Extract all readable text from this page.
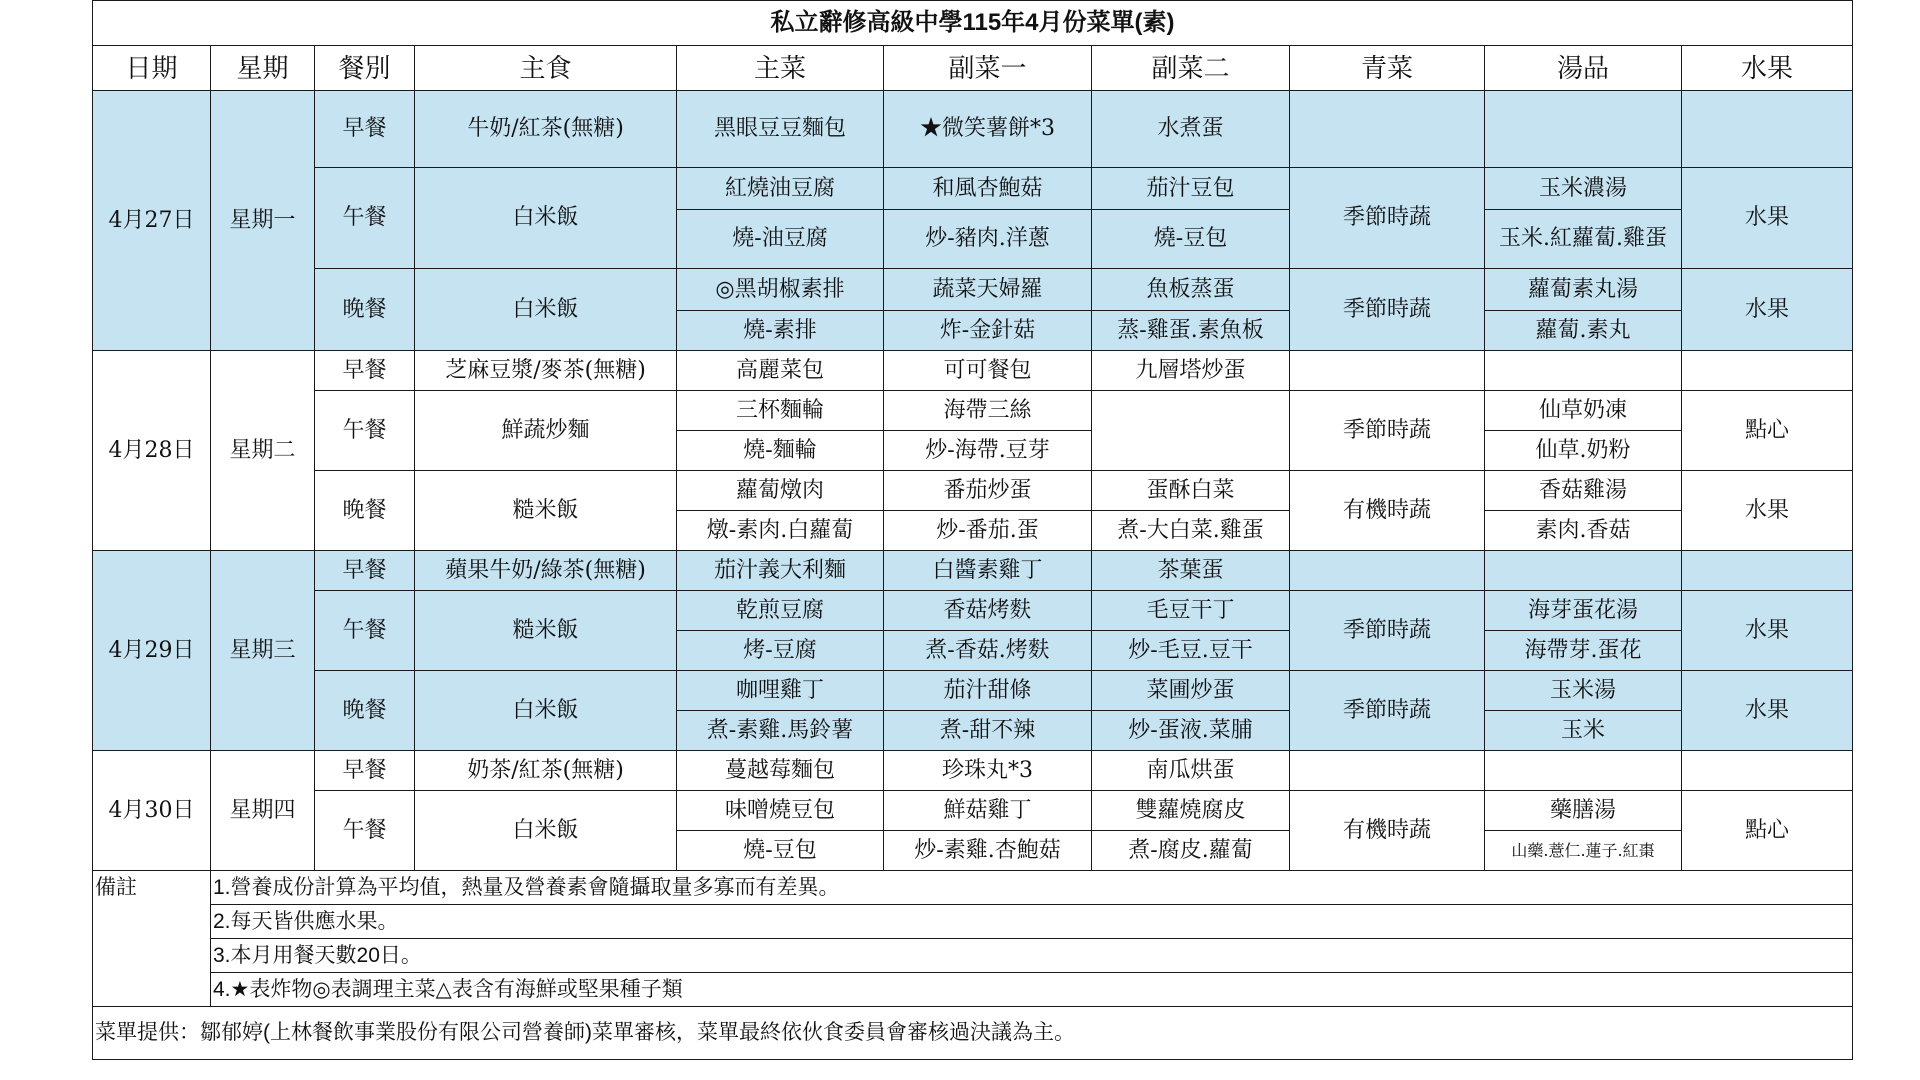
私立辭修高級中學115年4月份菜單(素)									
日期	星期	餐別	主食	主菜	副菜一	副菜二	青菜	湯品	水果
4月27日	星期一	早餐	牛奶/紅茶(無糖)	黑眼豆豆麵包	★微笑薯餅*3	水煮蛋			
		午餐	白米飯	紅燒油豆腐	和風杏鮑菇	茄汁豆包	季節時蔬	玉米濃湯	水果
				燒-油豆腐	炒-豬肉.洋蔥	燒-豆包		玉米.紅蘿蔔.雞蛋	
		晚餐	白米飯	◎黑胡椒素排	蔬菜天婦羅	魚板蒸蛋	季節時蔬	蘿蔔素丸湯	水果
				燒-素排	炸-金針菇	蒸-雞蛋.素魚板		蘿蔔.素丸	
4月28日	星期二	早餐	芝麻豆漿/麥茶(無糖)	高麗菜包	可可餐包	九層塔炒蛋			
		午餐	鮮蔬炒麵	三杯麵輪	海帶三絲		季節時蔬	仙草奶凍	點心
				燒-麵輪	炒-海帶.豆芽			仙草.奶粉	
		晚餐	糙米飯	蘿蔔燉肉	番茄炒蛋	蛋酥白菜	有機時蔬	香菇雞湯	水果
				燉-素肉.白蘿蔔	炒-番茄.蛋	煮-大白菜.雞蛋		素肉.香菇	
4月29日	星期三	早餐	蘋果牛奶/綠茶(無糖)	茄汁義大利麵	白醬素雞丁	茶葉蛋			
		午餐	糙米飯	乾煎豆腐	香菇烤麩	毛豆干丁	季節時蔬	海芽蛋花湯	水果
				烤-豆腐	煮-香菇.烤麩	炒-毛豆.豆干		海帶芽.蛋花	
		晚餐	白米飯	咖哩雞丁	茄汁甜條	菜圃炒蛋	季節時蔬	玉米湯	水果
				煮-素雞.馬鈴薯	煮-甜不辣	炒-蛋液.菜脯		玉米	
4月30日	星期四	早餐	奶茶/紅茶(無糖)	蔓越莓麵包	珍珠丸*3	南瓜烘蛋			
		午餐	白米飯	味噌燒豆包	鮮菇雞丁	雙蘿燒腐皮	有機時蔬	藥膳湯	點心
				燒-豆包	炒-素雞.杏鮑菇	煮-腐皮.蘿蔔		山藥.薏仁.蓮子.紅棗	
備註	1.營養成份計算為平均值，熱量及營養素會隨攝取量多寡而有差異。								
	2.每天皆供應水果。								
	3.本月用餐天數20日。								
	4.★表炸物◎表調理主菜△表含有海鮮或堅果種子類								
菜單提供：鄒郁婷(上林餐飲事業股份有限公司營養師)菜單審核，菜單最終依伙食委員會審核過決議為主。									
